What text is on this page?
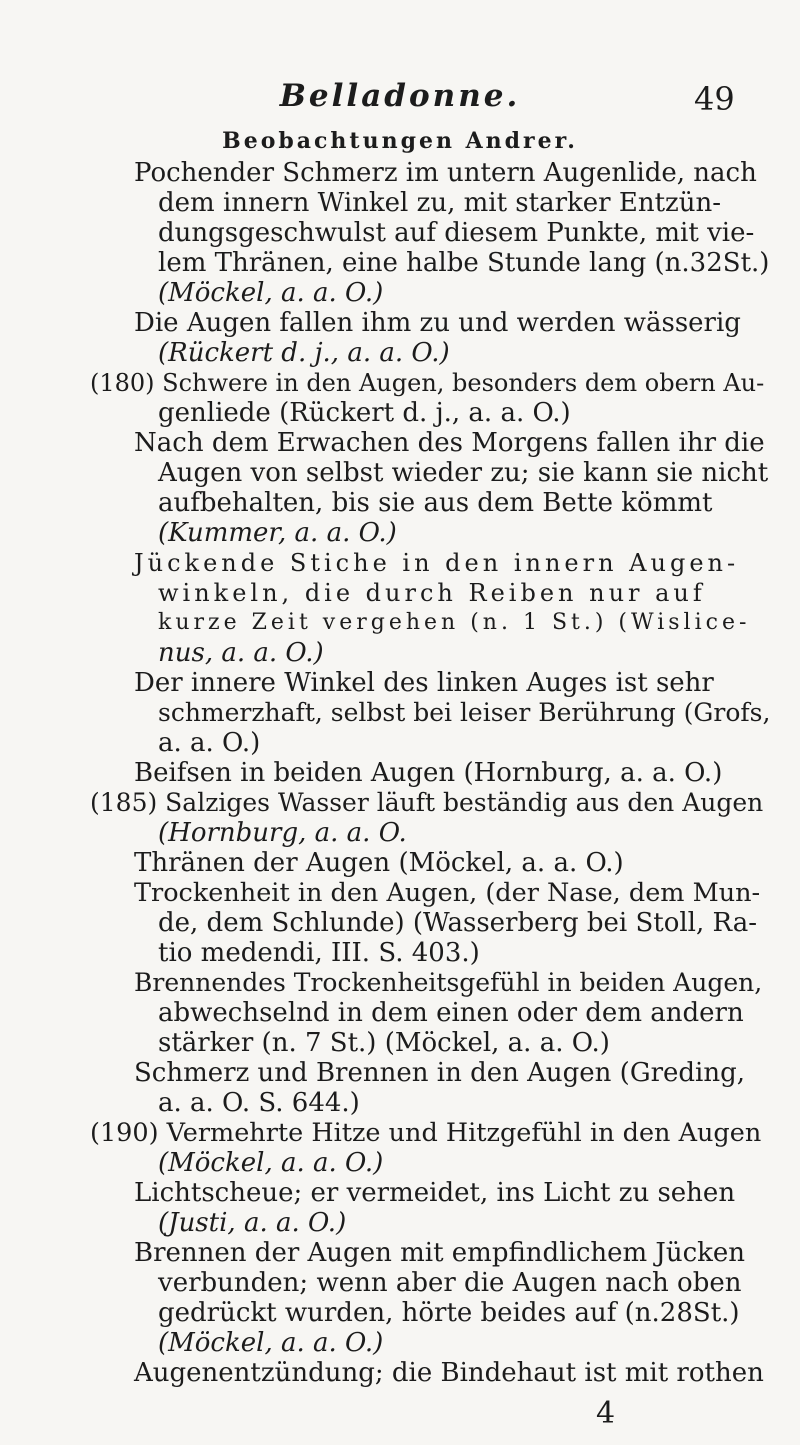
Belladonne.	49
Beobachtungen Andrer.
Pochender Schmerz im untern Augenlide, nach
dem innern Winkel zu, mit starker Entzün-
dungsgeschwulst auf diesem Punkte, mit vie-
lem Thränen, eine halbe Stunde lang (n.32St.)
(Möckel, a. a. O.)
Die Augen fallen ihm zu und werden wässerig
(Rückert d. j., a. a. O.)
(180) Schwere in den Augen, besonders dem obern Au-
genliede (Rückert d. j., a. a. O.)
Nach dem Erwachen des Morgens fallen ihr die
Augen von selbst wieder zu; sie kann sie nicht
aufbehalten, bis sie aus dem Bette kömmt
(Kummer, a. a. O.)
Jückende Stiche in den innern Augen-
winkeln, die durch Reiben nur auf
kurze Zeit vergehen (n. 1 St.) (Wislice-
nus, a. a. O.)
Der innere Winkel des linken Auges ist sehr
schmerzhaft, selbst bei leiser Berührung (Grofs,
a. a. O.)
Beifsen in beiden Augen (Hornburg, a. a. O.)
(185) Salziges Wasser läuft beständig aus den Augen
(Hornburg, a. a. O.
Thränen der Augen (Möckel, a. a. O.)
Trockenheit in den Augen, (der Nase, dem Mun-
de, dem Schlunde) (Wasserberg bei Stoll, Ra-
tio medendi, III. S. 403.)
Brennendes Trockenheitsgefühl in beiden Augen,
abwechselnd in dem einen oder dem andern
stärker (n. 7 St.) (Möckel, a. a. O.)
Schmerz und Brennen in den Augen (Greding,
a. a. O. S. 644.)
(190) Vermehrte Hitze und Hitzgefühl in den Augen
(Möckel, a. a. O.)
Lichtscheue; er vermeidet, ins Licht zu sehen
(Justi, a. a. O.)
Brennen der Augen mit empfindlichem Jücken
verbunden; wenn aber die Augen nach oben
gedrückt wurden, hörte beides auf (n.28St.)
(Möckel, a. a. O.)
Augenentzündung; die Bindehaut ist mit rothen
4
